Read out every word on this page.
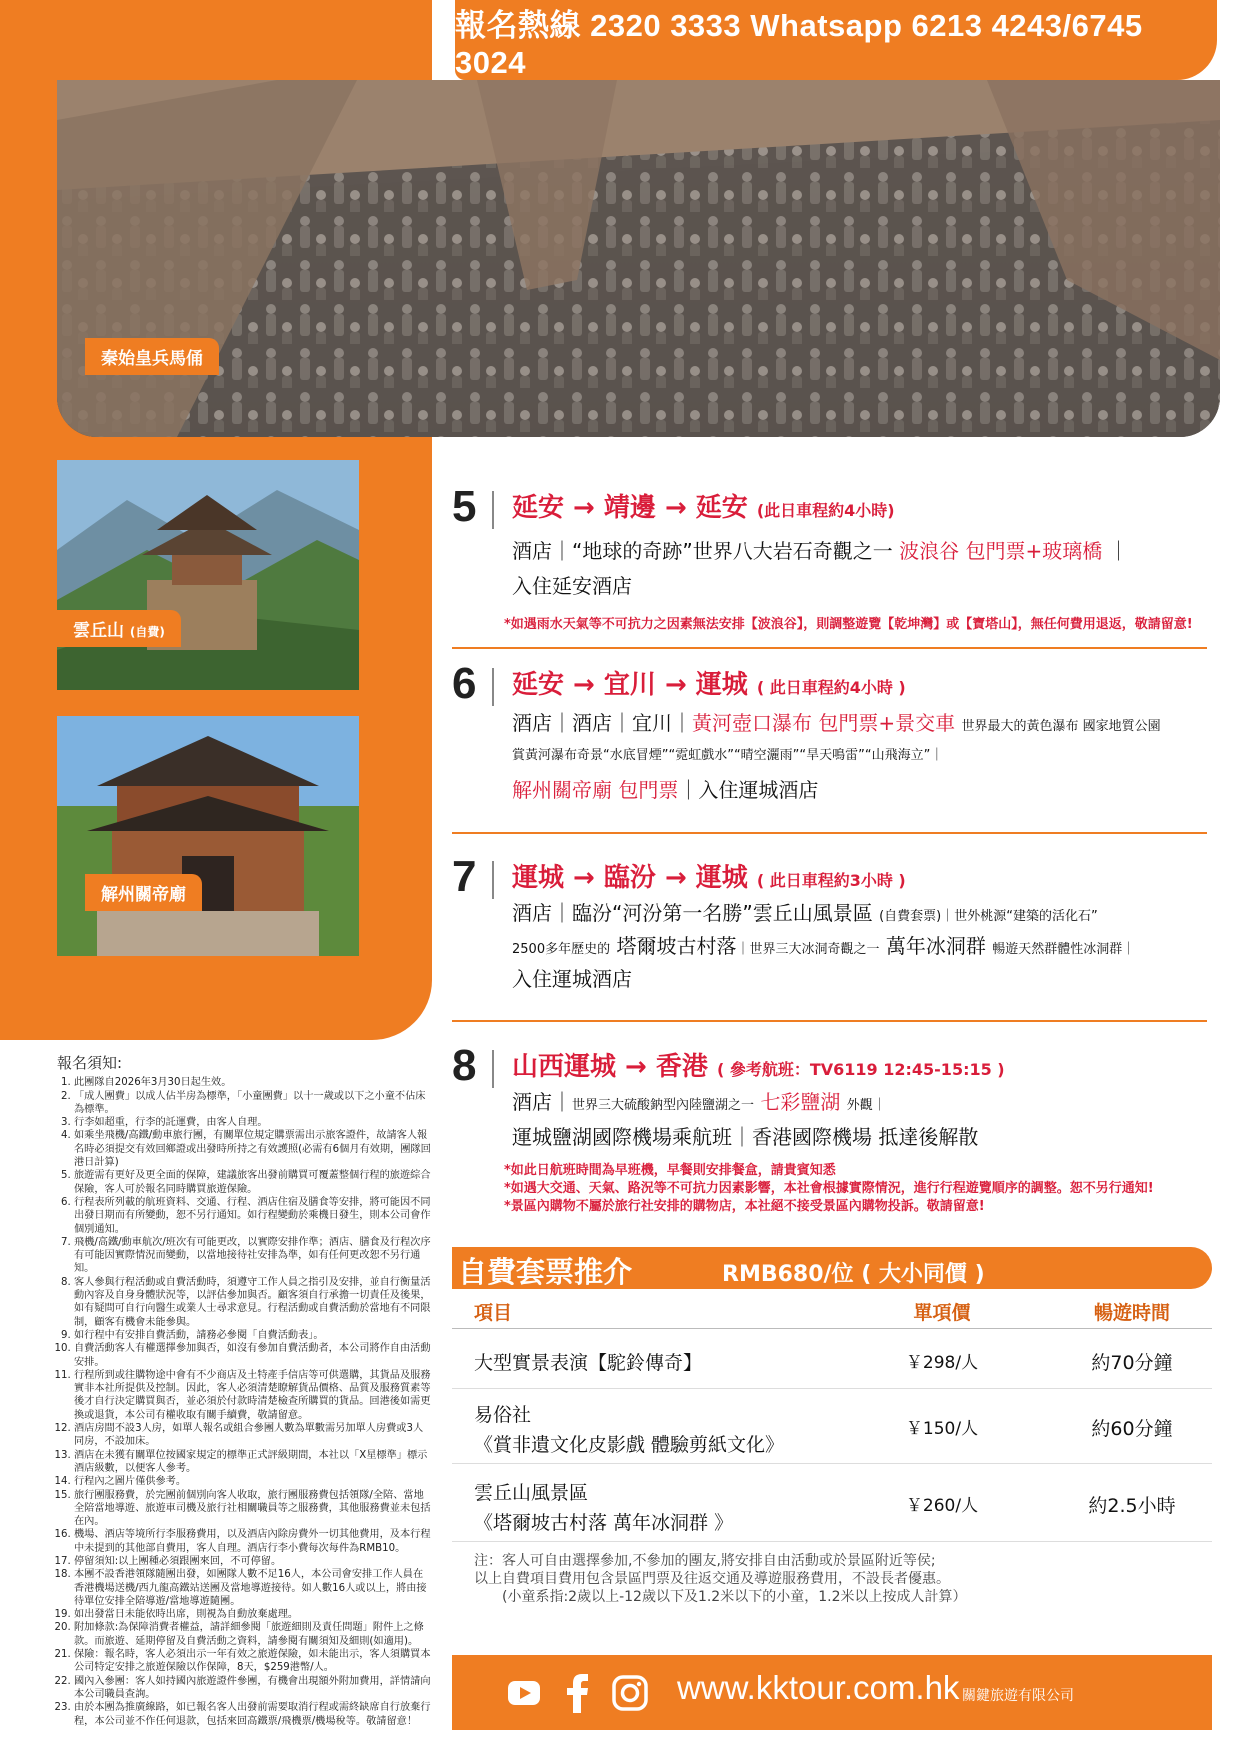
報名熱線 2320 3333 Whatsapp 6213 4243/6745 3024
秦始皇兵馬俑
雲丘山 (自費)
解州關帝廟
5 延安 → 靖邊 → 延安 (此日車程約4小時)
酒店｜“地球的奇跡”世界八大岩石奇觀之一 波浪谷 包門票+玻璃橋 ｜
入住延安酒店
*如遇雨水天氣等不可抗力之因素無法安排【波浪谷】，則調整遊覽【乾坤灣】或【寶塔山】，無任何費用退返，敬請留意!
6 延安 → 宜川 → 運城 ( 此日車程約4小時 )
酒店｜酒店｜宜川｜黃河壺口瀑布 包門票+景交車 世界最大的黃色瀑布 國家地質公園
賞黃河瀑布奇景“水底冒煙”“霓虹戲水”“晴空灑雨”“旱天鳴雷”“山飛海立”｜
解州關帝廟 包門票｜入住運城酒店
7 運城 → 臨汾 → 運城 ( 此日車程約3小時 )
酒店｜臨汾“河汾第一名勝”雲丘山風景區 (自費套票)｜世外桃源“建築的活化石”
2500多年歷史的 塔爾坡古村落｜世界三大冰洞奇觀之一 萬年冰洞群 暢遊天然群體性冰洞群｜
入住運城酒店
8 山西運城 → 香港 ( 參考航班：TV6119 12:45-15:15 )
酒店｜世界三大硫酸鈉型內陸鹽湖之一 七彩鹽湖 外觀｜
運城鹽湖國際機場乘航班｜香港國際機場 抵達後解散
*如此日航班時間為早班機，早餐則安排餐盒，請貴賓知悉
*如遇大交通、天氣、路況等不可抗力因素影響，本社會根據實際情況，進行行程遊覽順序的調整。恕不另行通知!
*景區內購物不屬於旅行社安排的購物店，本社絕不接受景區內購物投訴。敬請留意!
報名須知:
1. 此團隊自2026年3月30日起生效。
2. 「成人團費」以成人佔半房為標準，「小童團費」以十一歲或以下之小童不佔床為標準。
3. 行李如超重，行李的託運費，由客人自理。
4. 如乘坐飛機/高鐵/動車旅行團，有關單位規定購票需出示旅客證件，故請客人報名時必須提交有效回鄉證或出發時所持之有效護照(必需有6個月有效期，團隊回港日計算)
5. 旅遊需有更好及更全面的保障，建議旅客出發前購買可覆蓋整個行程的旅遊綜合保險，客人可於報名同時購買旅遊保險。
6. 行程表所列載的航班資料、交通、行程、酒店住宿及膳食等安排，將可能因不同出發日期而有所變動，恕不另行通知。如行程變動於乘機日發生，則本公司會作個別通知。
7. 飛機/高鐵/動車航次/班次有可能更改，以實際安排作準；酒店、膳食及行程次序有可能因實際情況而變動，以當地接待社安排為準，如有任何更改恕不另行通知。
8. 客人參與行程活動或自費活動時，須遵守工作人員之指引及安排，並自行衡量活動內容及自身身體狀況等，以評估參加與否。顧客須自行承擔一切責任及後果，如有疑問可自行向醫生或業人士尋求意見。行程活動或自費活動於當地有不同限制，顧客有機會未能參與。
9. 如行程中有安排自費活動，請務必參閱「自費活動表」。
10. 自費活動客人有權選擇參加與否，如沒有參加自費活動者，本公司將作自由活動安排。
11. 行程所到或往購物途中會有不少商店及土特產手信店等可供選購，其貨品及服務實非本社所提供及控制。因此，客人必須清楚瞭解貨品價格、品質及服務質素等後才自行決定購買與否，並必須於付款時清楚檢查所購買的貨品。回港後如需更換或退貨，本公司有權收取有關手續費，敬請留意。
12. 酒店房間不設3人房，如單人報名或組合參團人數為單數需另加單人房費或3人同房，不設加床。
13. 酒店在未獲有關單位按國家規定的標準正式評級期間，本社以「X星標準」標示酒店級數，以便客人參考。
14. 行程內之圖片僅供參考。
15. 旅行團服務費，於完團前個別向客人收取，旅行團服務費包括領隊/全陪、當地全陪當地導遊、旅遊車司機及旅行社相關職員等之服務費，其他服務費並未包括在內。
16. 機場、酒店等境所行李服務費用，以及酒店內除房費外一切其他費用，及本行程中未提到的其他部自費用，客人自理。酒店行李小費每次每件為RMB10。
17. 停留須知:以上團種必須跟團來回，不可停留。
18. 本團不設香港領隊隨團出發，如團隊人數不足16人，本公司會安排工作人員在香港機場送機/西九龍高鐵站送團及當地導遊接待。如人數16人或以上，將由接待單位安排全陪導遊/當地導遊隨團。
19. 如出發當日未能依時出席，則視為自動放棄處理。
20. 附加條款:為保障消費者權益，請詳細參閱「旅遊細則及責任問題」附件上之條款。而旅遊、延期停留及自費活動之資料，請參閱有關須知及細則(如適用)。
21. 保險：報名時，客人必須出示一年有效之旅遊保險，如未能出示，客人須購買本公司特定安排之旅遊保險以作保障，8天，$259港幣/人。
22. 國內入參團：客人如持國內旅遊證件參團，有機會出現額外附加費用，詳情請向本公司職員查詢。
23. 由於本團為推廣線路，如已報名客人出發前需要取消行程或需終缺席自行放棄行程，本公司並不作任何退款，包括來回高鐵票/飛機票/機場稅等。敬請留意！
自費套票推介	RMB680/位 ( 大小同價 )
項目	單項價	暢遊時間
大型實景表演【駝鈴傳奇】	￥298/人	約70分鐘
易俗社
《賞非遺文化皮影戲 體驗剪紙文化》
￥150/人	約60分鐘
雲丘山風景區
《塔爾坡古村落 萬年冰洞群 》
￥260/人	約2.5小時
注：客人可自由選擇參加,不參加的團友,將安排自由活動或於景區附近等侯;
以上自費項目費用包含景區門票及往返交通及導遊服務費用，不設長者優惠。
(小童系指:2歲以上-12歲以下及1.2米以下的小童，1.2米以上按成人計算）
www.kktour.com.hk 關鍵旅遊有限公司
